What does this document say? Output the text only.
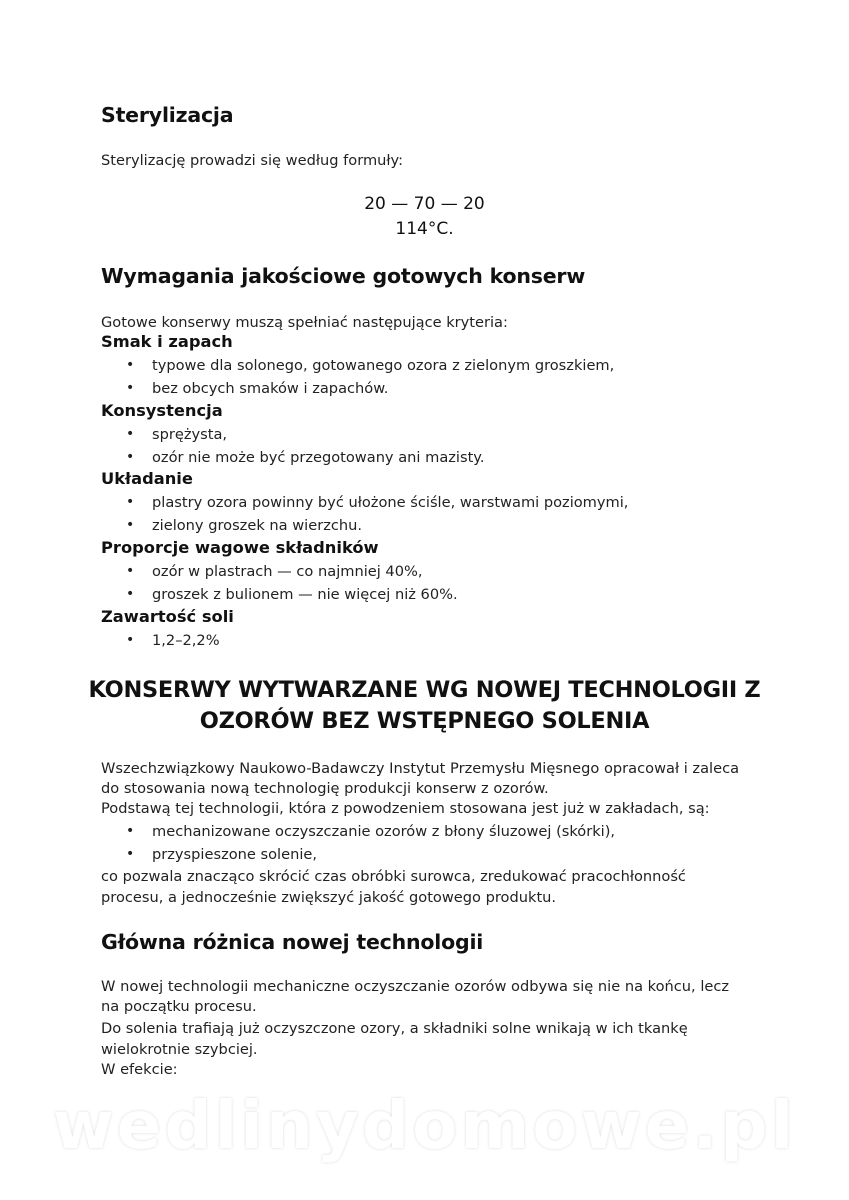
Sterylizacja

Sterylizację prowadzi się według formuły:

20 — 70 — 20

114°C.

Wymagania jakościowe gotowych konserw

Gotowe konserwy muszą spełniać następujące kryteria:

Smak i zapach
• typowe dla solonego, gotowanego ozora z zielonym groszkiem,
• bez obcych smaków i zapachów.
Konsystencja
• sprężysta,
• ozór nie może być przegotowany ani mazisty.
Układanie
• plastry ozora powinny być ułożone ściśle, warstwami poziomymi,
• zielony groszek na wierzchu.
Proporcje wagowe składników
• ozór w plastrach — co najmniej 40%,
• groszek z bulionem — nie więcej niż 60%.
Zawartość soli
• 1,2–2,2%
KONSERWY WYTWARZANE WG NOWEJ TECHNOLOGII Z
OZORÓW BEZ WSTĘPNEGO SOLENIA

Wszechzwiązkowy Naukowo-Badawczy Instytut Przemysłu Mięsnego opracował i zaleca

do stosowania nową technologię produkcji konserw z ozorów.

Podstawą tej technologii, która z powodzeniem stosowana jest już w zakładach, są:

• mechanizowane oczyszczanie ozorów z błony śluzowej (skórki),
• przyspieszone solenie,

co pozwala znacząco skrócić czas obróbki surowca, zredukować pracochłonność

procesu, a jednocześnie zwiększyć jakość gotowego produktu.

Główna różnica nowej technologii

W nowej technologii mechaniczne oczyszczanie ozorów odbywa się nie na końcu, lecz

na początku procesu.

Do solenia trafiają już oczyszczone ozory, a składniki solne wnikają w ich tkankę

wielokrotnie szybciej.

W efekcie:

wedlinydomowe.pl
